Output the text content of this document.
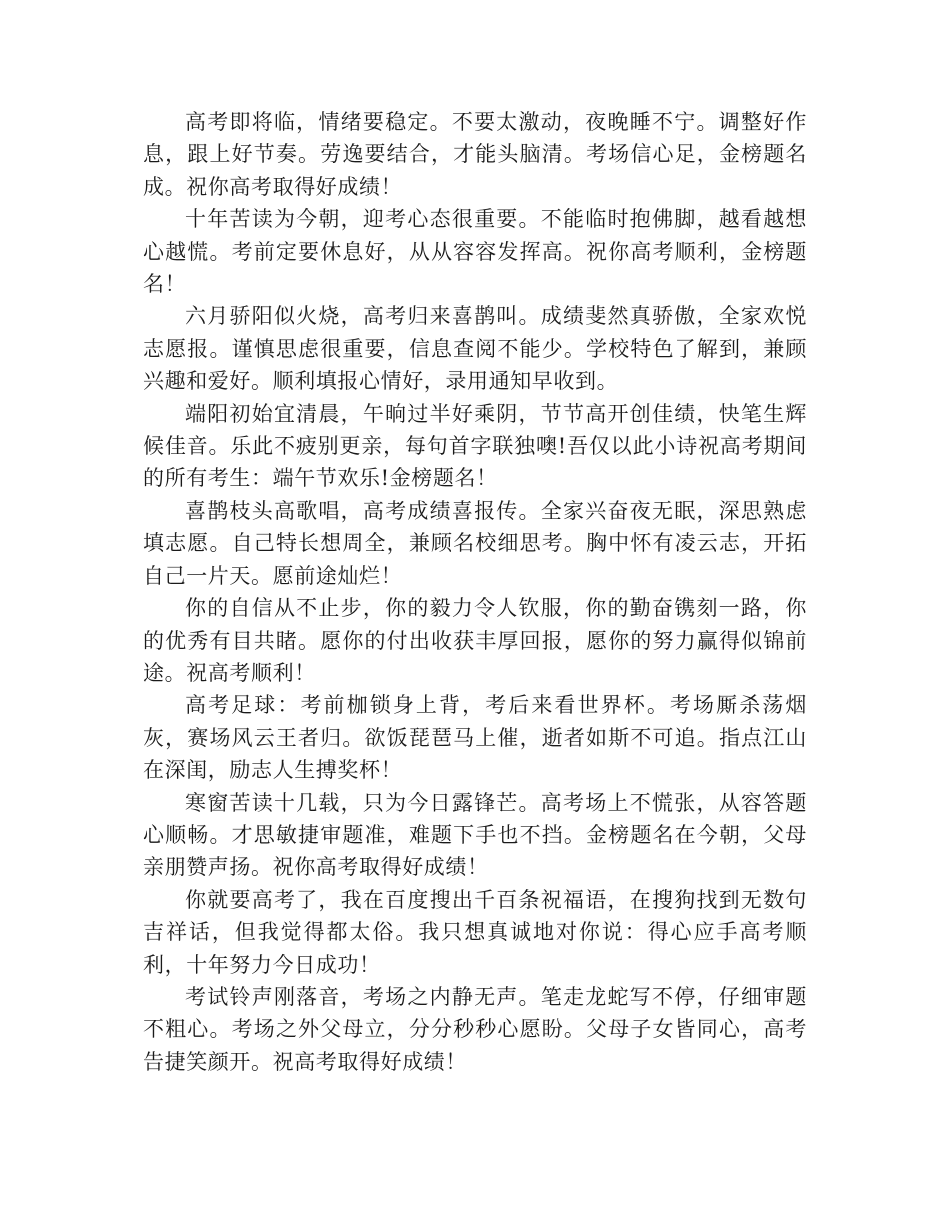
高考即将临，情绪要稳定。不要太激动，夜晚睡不宁。调整好作息，跟上好节奏。劳逸要结合，才能头脑清。考场信心足，金榜题名成。祝你高考取得好成绩！

十年苦读为今朝，迎考心态很重要。不能临时抱佛脚，越看越想心越慌。考前定要休息好，从从容容发挥高。祝你高考顺利，金榜题名！

六月骄阳似火烧，高考归来喜鹊叫。成绩斐然真骄傲，全家欢悦志愿报。谨慎思虑很重要，信息查阅不能少。学校特色了解到，兼顾兴趣和爱好。顺利填报心情好，录用通知早收到。

端阳初始宜清晨，午晌过半好乘阴，节节高开创佳绩，快笔生辉候佳音。乐此不疲别更亲，每句首字联独噢!吾仅以此小诗祝高考期间的所有考生：端午节欢乐!金榜题名！

喜鹊枝头高歌唱，高考成绩喜报传。全家兴奋夜无眠，深思熟虑填志愿。自己特长想周全，兼顾名校细思考。胸中怀有凌云志，开拓自己一片天。愿前途灿烂！

你的自信从不止步，你的毅力令人钦服，你的勤奋镌刻一路，你的优秀有目共睹。愿你的付出收获丰厚回报，愿你的努力赢得似锦前途。祝高考顺利！

高考足球：考前枷锁身上背，考后来看世界杯。考场厮杀荡烟灰，赛场风云王者归。欲饭琵琶马上催，逝者如斯不可追。指点江山在深闺，励志人生搏奖杯！

寒窗苦读十几载，只为今日露锋芒。高考场上不慌张，从容答题心顺畅。才思敏捷审题准，难题下手也不挡。金榜题名在今朝，父母亲朋赞声扬。祝你高考取得好成绩！

你就要高考了，我在百度搜出千百条祝福语，在搜狗找到无数句吉祥话，但我觉得都太俗。我只想真诚地对你说：得心应手高考顺利，十年努力今日成功！

考试铃声刚落音，考场之内静无声。笔走龙蛇写不停，仔细审题不粗心。考场之外父母立，分分秒秒心愿盼。父母子女皆同心，高考告捷笑颜开。祝高考取得好成绩！
